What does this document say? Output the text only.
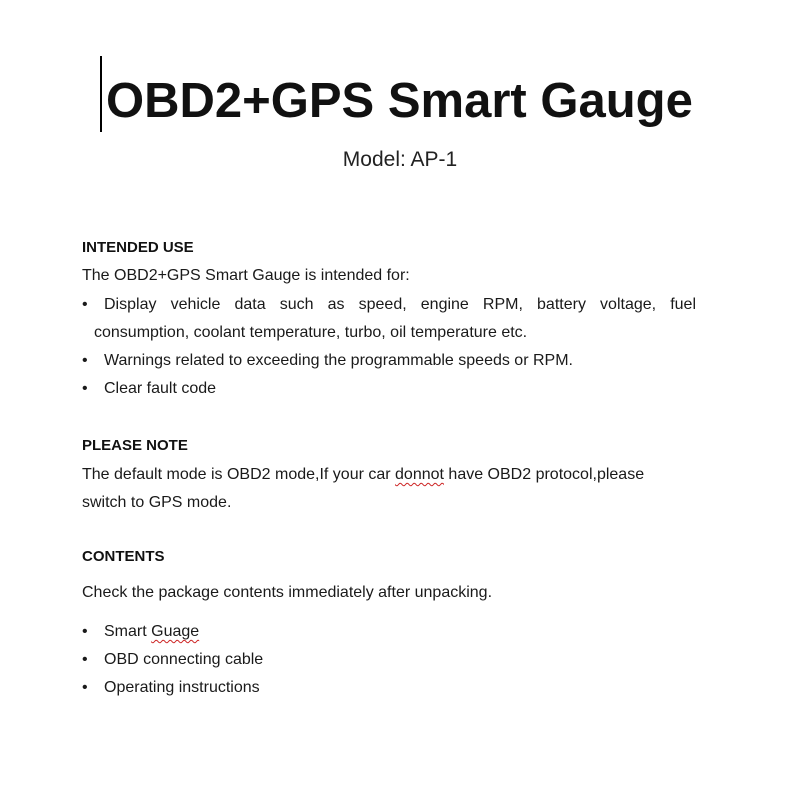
OBD2+GPS Smart Gauge
Model: AP-1
INTENDED USE
The OBD2+GPS Smart Gauge is intended for:
• Display vehicle data such as speed, engine RPM, battery voltage, fuel
consumption, coolant temperature, turbo, oil temperature etc.
• Warnings related to exceeding the programmable speeds or RPM.
• Clear fault code
PLEASE NOTE
The default mode is OBD2 mode,If your car donnot have OBD2 protocol,please
switch to GPS mode.
CONTENTS
Check the package contents immediately after unpacking.
• Smart Guage
• OBD connecting cable
• Operating instructions
